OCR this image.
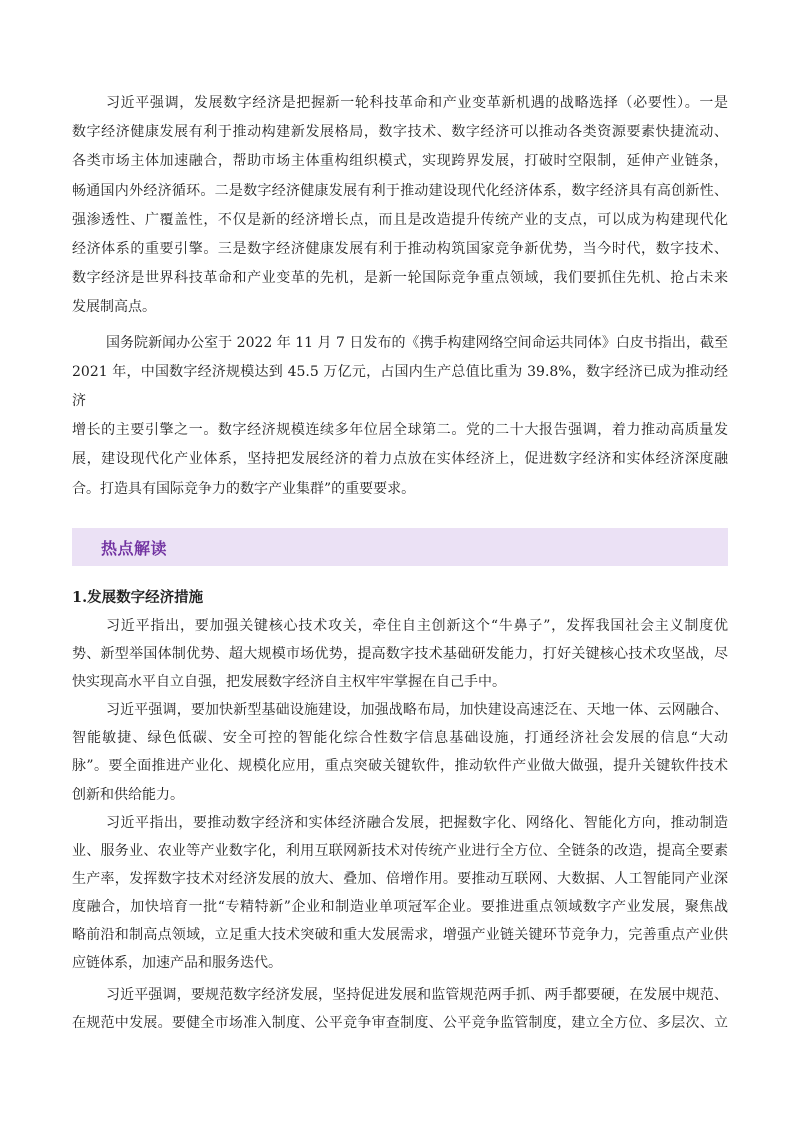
习近平强调，发展数字经济是把握新一轮科技革命和产业变革新机遇的战略选择（必要性）。一是
数字经济健康发展有利于推动构建新发展格局，数字技术、数字经济可以推动各类资源要素快捷流动、
各类市场主体加速融合，帮助市场主体重构组织模式，实现跨界发展，打破时空限制，延伸产业链条，
畅通国内外经济循环。二是数字经济健康发展有利于推动建设现代化经济体系，数字经济具有高创新性、
强渗透性、广覆盖性，不仅是新的经济增长点，而且是改造提升传统产业的支点，可以成为构建现代化
经济体系的重要引擎。三是数字经济健康发展有利于推动构筑国家竞争新优势，当今时代，数字技术、
数字经济是世界科技革命和产业变革的先机，是新一轮国际竞争重点领域，我们要抓住先机、抢占未来
发展制高点。

国务院新闻办公室于 2022 年 11 月 7 日发布的《携手构建网络空间命运共同体》白皮书指出，截至
2021 年，中国数字经济规模达到 45.5 万亿元，占国内生产总值比重为 39.8%，数字经济已成为推动经济
增长的主要引擎之一。数字经济规模连续多年位居全球第二。党的二十大报告强调，着力推动高质量发
展，建设现代化产业体系，坚持把发展经济的着力点放在实体经济上，促进数字经济和实体经济深度融
合。打造具有国际竞争力的数字产业集群”的重要要求。

热点解读
1.发展数字经济措施

习近平指出，要加强关键核心技术攻关，牵住自主创新这个“牛鼻子”，发挥我国社会主义制度优
势、新型举国体制优势、超大规模市场优势，提高数字技术基础研发能力，打好关键核心技术攻坚战，尽
快实现高水平自立自强，把发展数字经济自主权牢牢掌握在自己手中。

习近平强调，要加快新型基础设施建设，加强战略布局，加快建设高速泛在、天地一体、云网融合、
智能敏捷、绿色低碳、安全可控的智能化综合性数字信息基础设施，打通经济社会发展的信息“大动
脉”。要全面推进产业化、规模化应用，重点突破关键软件，推动软件产业做大做强，提升关键软件技术
创新和供给能力。

习近平指出，要推动数字经济和实体经济融合发展，把握数字化、网络化、智能化方向，推动制造
业、服务业、农业等产业数字化，利用互联网新技术对传统产业进行全方位、全链条的改造，提高全要素
生产率，发挥数字技术对经济发展的放大、叠加、倍增作用。要推动互联网、大数据、人工智能同产业深
度融合，加快培育一批“专精特新”企业和制造业单项冠军企业。要推进重点领域数字产业发展，聚焦战
略前沿和制高点领域，立足重大技术突破和重大发展需求，增强产业链关键环节竞争力，完善重点产业供
应链体系，加速产品和服务迭代。

习近平强调，要规范数字经济发展，坚持促进发展和监管规范两手抓、两手都要硬，在发展中规范、
在规范中发展。要健全市场准入制度、公平竞争审查制度、公平竞争监管制度，建立全方位、多层次、立
